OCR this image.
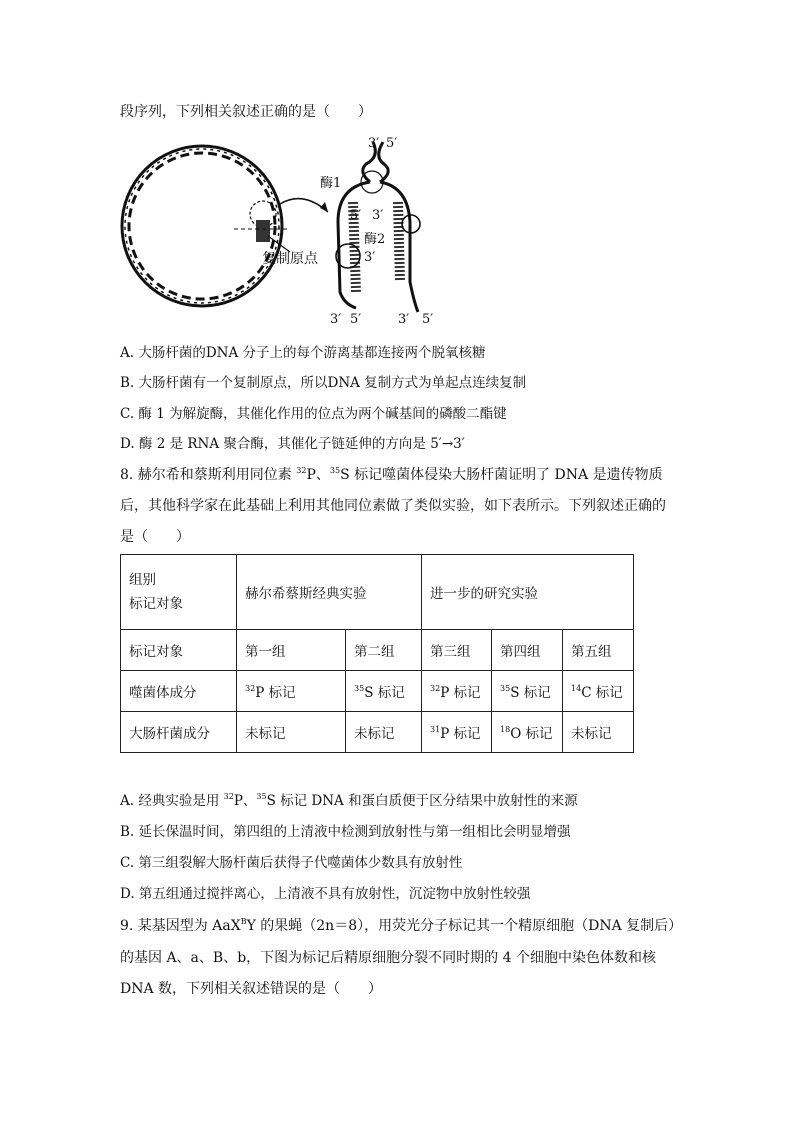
段序列，下列相关叙述正确的是（　　）
3′ 5′
酶1
5′ 3′
酶2
3′
复制原点
3′ 5′	3′ 5′
A. 大肠杆菌的DNA 分子上的每个游离基都连接两个脱氧核糖
B. 大肠杆菌有一个复制原点，所以DNA 复制方式为单起点连续复制
C. 酶 1 为解旋酶，其催化作用的位点为两个碱基间的磷酸二酯键
D. 酶 2 是 RNA 聚合酶，其催化子链延伸的方向是 5′→3′
8. 赫尔希和蔡斯利用同位素 $^{32}$P、$^{35}$S 标记噬菌体侵染大肠杆菌证明了 DNA 是遗传物质
后，其他科学家在此基础上利用其他同位素做了类似实验，如下表所示。下列叙述正确的
是（　　）
组别
标记对象	赫尔希蔡斯经典实验		进一步的研究实验		
标记对象	第一组	第二组	第三组	第四组	第五组
噬菌体成分	$^{32}$P 标记	$^{35}$S 标记	$^{32}$P 标记	$^{35}$S 标记	$^{14}$C 标记
大肠杆菌成分	未标记	未标记	$^{31}$P 标记	$^{18}$O 标记	未标记
A. 经典实验是用 $^{32}$P、$^{35}$S 标记 DNA 和蛋白质便于区分结果中放射性的来源
B. 延长保温时间，第四组的上清液中检测到放射性与第一组相比会明显增强
C. 第三组裂解大肠杆菌后获得子代噬菌体少数具有放射性
D. 第五组通过搅拌离心，上清液不具有放射性，沉淀物中放射性较强
9. 某基因型为 AaX$^B$Y 的果蝇（2n＝8），用荧光分子标记其一个精原细胞（DNA 复制后）
的基因 A、a、B、b，下图为标记后精原细胞分裂不同时期的 4 个细胞中染色体数和核
DNA 数，下列相关叙述错误的是（　　）
